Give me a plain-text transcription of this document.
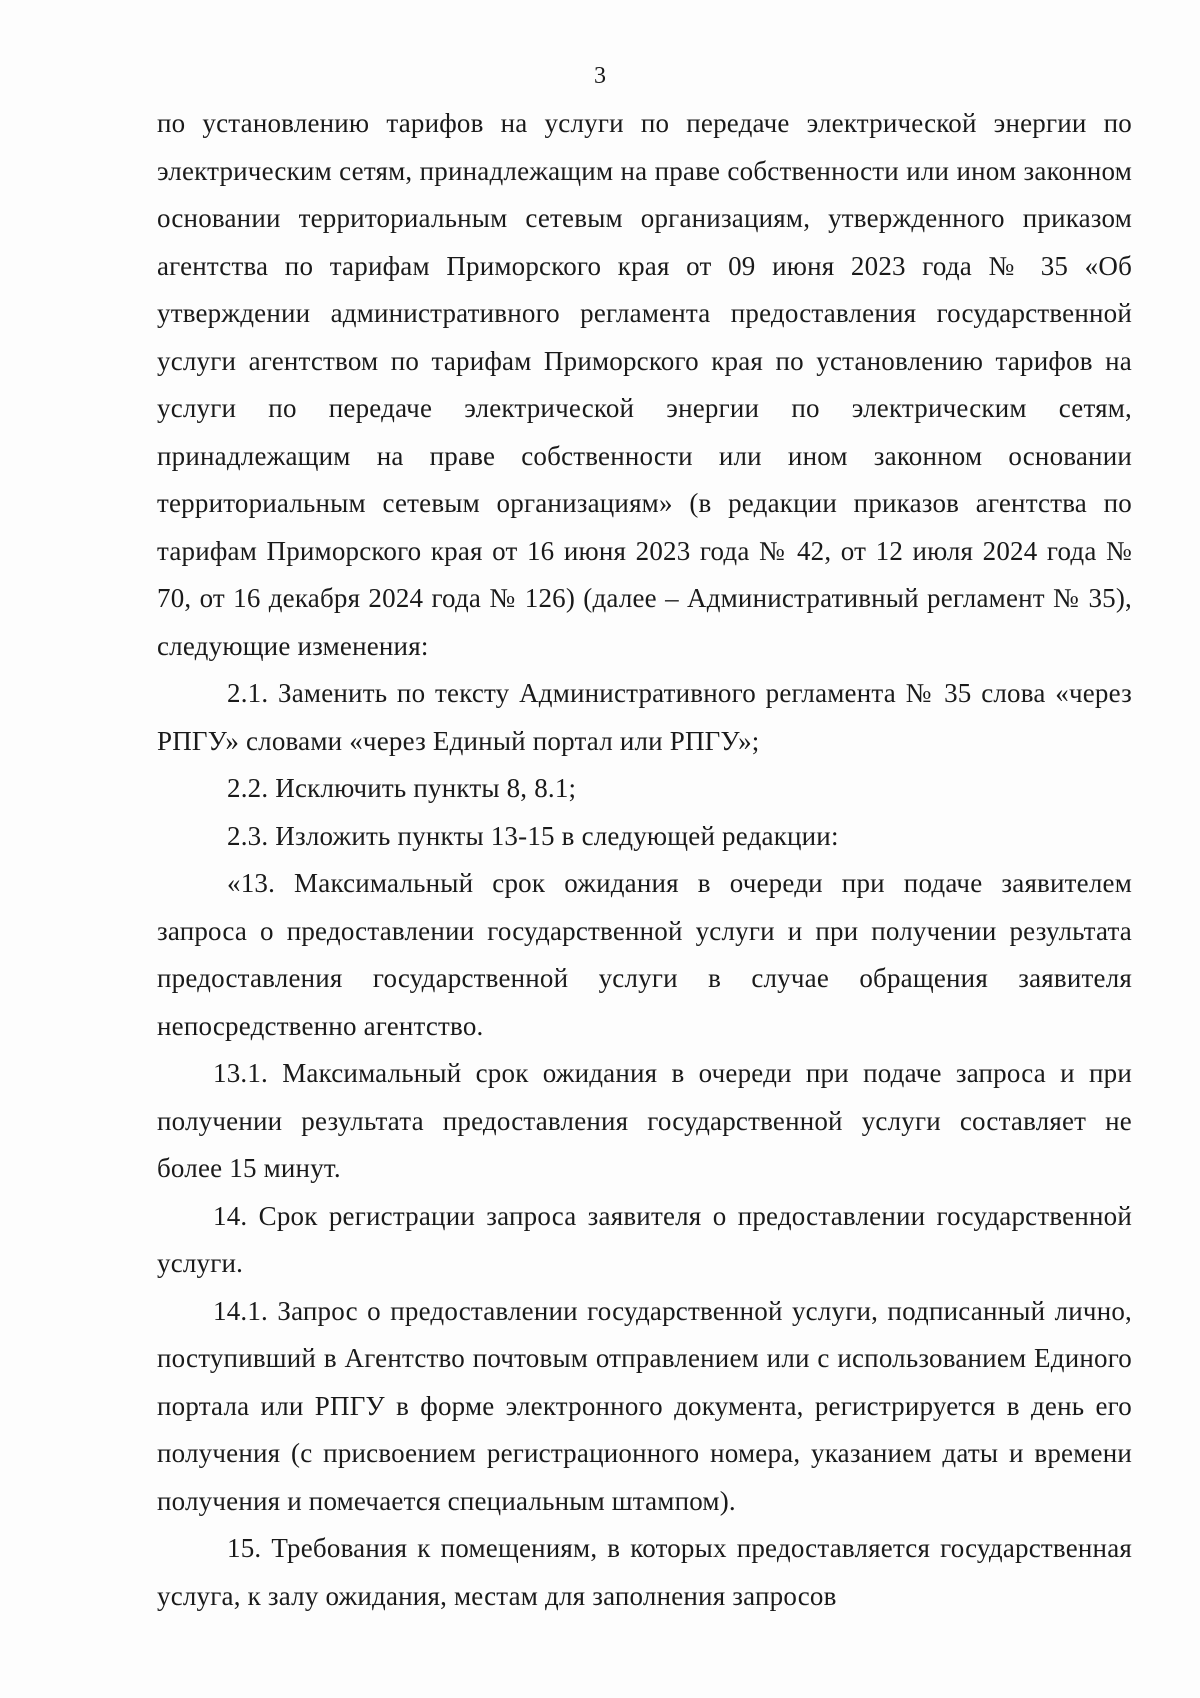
3

по установлению тарифов на услуги по передаче электрической энергии по электрическим сетям, принадлежащим на праве собственности или ином законном основании территориальным сетевым организациям, утвержденного приказом агентства по тарифам Приморского края от 09 июня 2023 года № 35 «Об утверждении административного регламента предоставления государственной услуги агентством по тарифам Приморского края по установлению тарифов на услуги по передаче электрической энергии по электрическим сетям, принадлежащим на праве собственности или ином законном основании территориальным сетевым организациям» (в редакции приказов агентства по тарифам Приморского края от 16 июня 2023 года № 42, от 12 июля 2024 года № 70, от 16 декабря 2024 года № 126) (далее – Административный регламент № 35), следующие изменения:

2.1. Заменить по тексту Административного регламента № 35 слова «через РПГУ» словами «через Единый портал или РПГУ»;

2.2. Исключить пункты 8, 8.1;

2.3. Изложить пункты 13-15 в следующей редакции:

«13. Максимальный срок ожидания в очереди при подаче заявителем запроса о предоставлении государственной услуги и при получении результата предоставления государственной услуги в случае обращения заявителя непосредственно агентство.

13.1. Максимальный срок ожидания в очереди при подаче запроса и при получении результата предоставления государственной услуги составляет не более 15 минут.

14. Срок регистрации запроса заявителя о предоставлении государственной услуги.

14.1. Запрос о предоставлении государственной услуги, подписанный лично, поступивший в Агентство почтовым отправлением или с использованием Единого портала или РПГУ в форме электронного документа, регистрируется в день его получения (с присвоением регистрационного номера, указанием даты и времени получения и помечается специальным штампом).

15. Требования к помещениям, в которых предоставляется государственная услуга, к залу ожидания, местам для заполнения запросов
